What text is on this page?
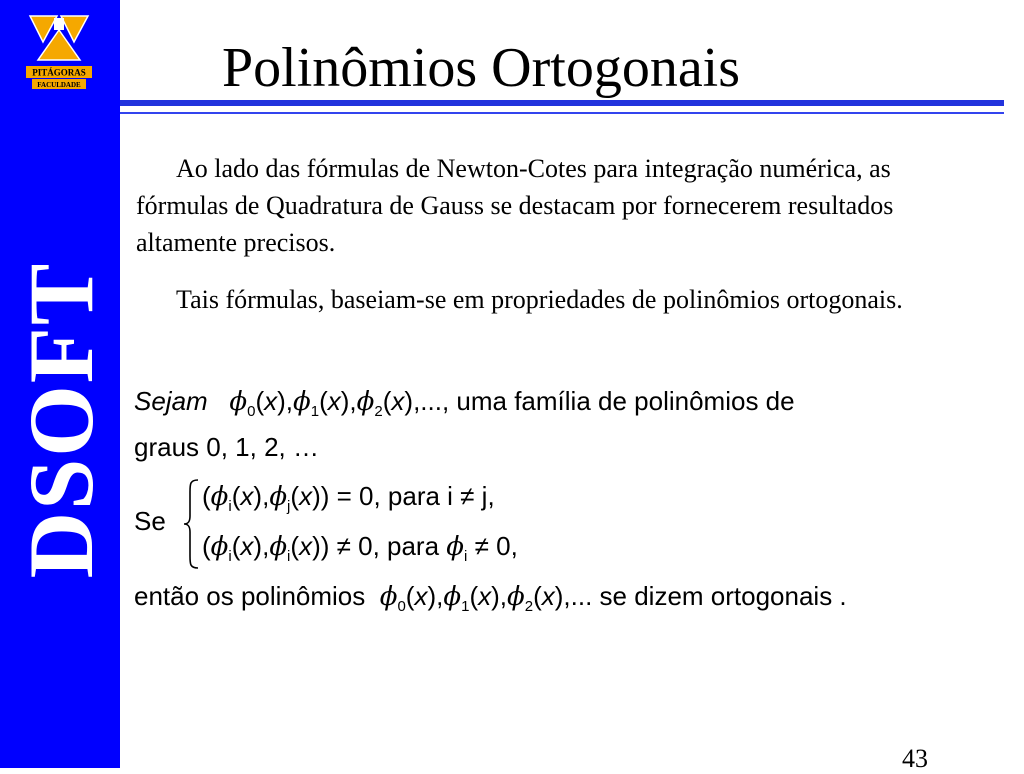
PITÁGORAS
FACULDADE
DSOFT
Polinômios Ortogonais

Ao lado das fórmulas de Newton-Cotes para integração numérica, as fórmulas de Quadratura de Gauss se destacam por fornecerem resultados altamente precisos.

Tais fórmulas, baseiam-se em propriedades de polinômios ortogonais.

Sejam $\phi_0(x),\phi_1(x),\phi_2(x)$,..., uma família de polinômios de
graus 0, 1, 2, …
Se
$(\phi_i(x),\phi_j(x)) = 0$, para i ≠ j,
$(\phi_i(x),\phi_i(x)) \ne 0$, para $\phi_i \ne 0$,
então os polinômios $\phi_0(x),\phi_1(x),\phi_2(x)$,... se dizem ortogonais .
43
